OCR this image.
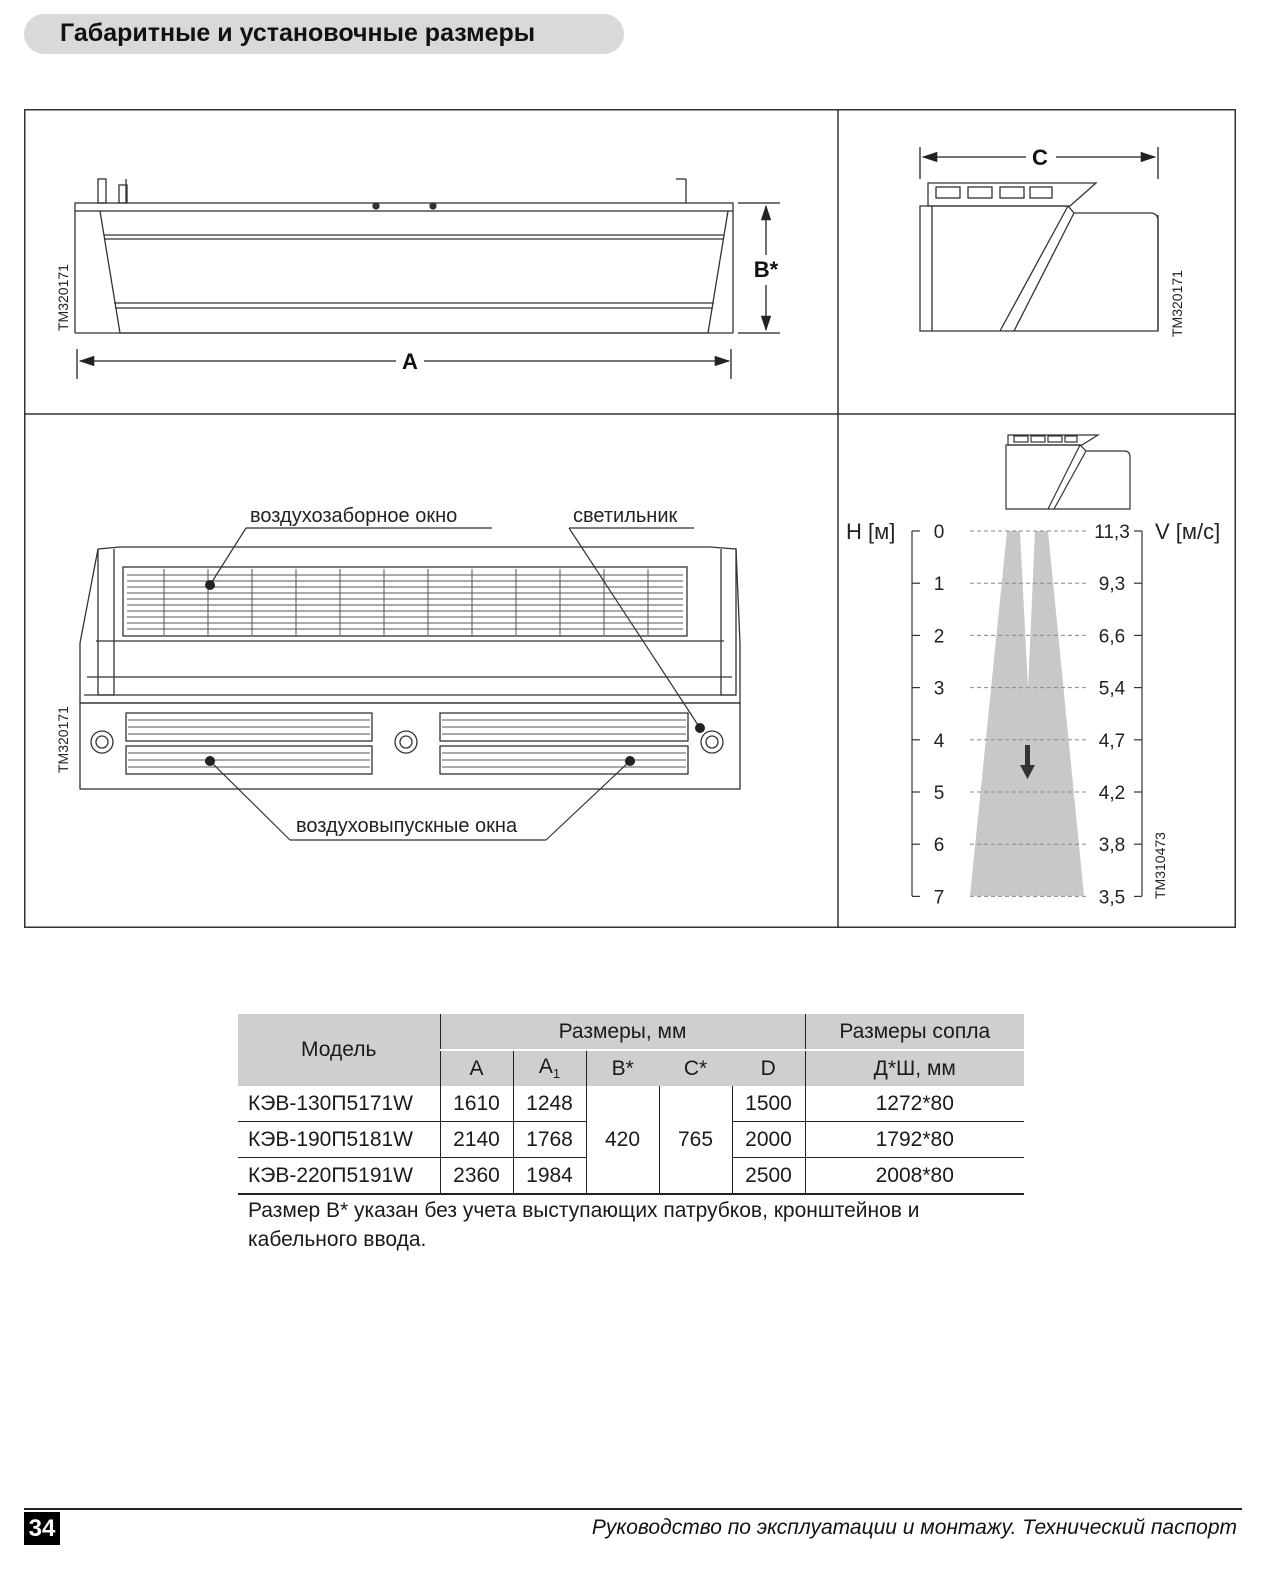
Габаритные и установочные размеры
A
B*
TM320171
C
TM320171
воздухозаборное окно	светильник
воздуховыпускные окна
TM320171
0	11,3
1	9,3
2	6,6
3	5,4
4	4,7
5	4,2
6	3,8
7	3,5
H [м]	V [м/с]
TM310473
Модель	Размеры, мм					Размеры сопла
	A	$A_1$	B*	C*	D	Д*Ш, мм
КЭВ-130П5171W	1610	1248	420	765	1500	1272*80
КЭВ-190П5181W	2140	1768			2000	1792*80
КЭВ-220П5191W	2360	1984			2500	2008*80
Размер В* указан без учета выступающих патрубков, кронштейнов и кабельного ввода.
34	Руководство по эксплуатации и монтажу. Технический паспорт
